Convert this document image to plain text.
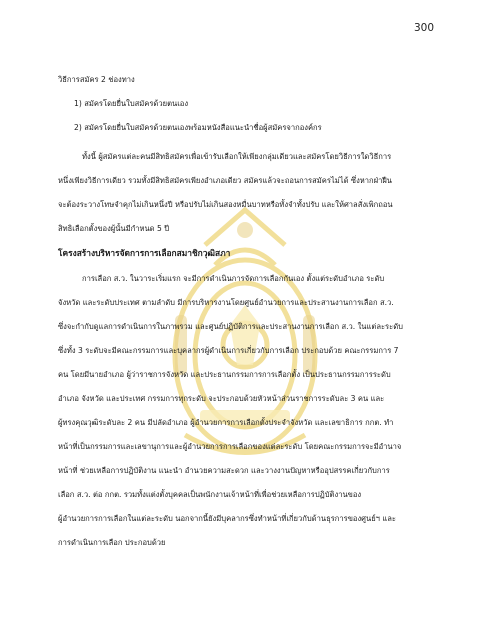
300
วิธีการสมัคร 2 ช่องทาง
1) สมัครโดยยื่นใบสมัครด้วยตนเอง
2) สมัครโดยยื่นใบสมัครด้วยตนเองพร้อมหนังสือแนะนำชื่อผู้สมัครจากองค์กร
ทั้งนี้ ผู้สมัครแต่ละคนมีสิทธิสมัครเพื่อเข้ารับเลือกให้เพียงกลุ่มเดียวและสมัครโดยวิธีการใดวิธีการ
หนึ่งเพียงวิธีการเดียว รวมทั้งมีสิทธิสมัครเพียงอำเภอเดียว สมัครแล้วจะถอนการสมัครไม่ได้ ซึ่งหากฝ่าฝืน
จะต้องระวางโทษจำคุกไม่เกินหนึ่งปี หรือปรับไม่เกินสองหมื่นบาทหรือทั้งจำทั้งปรับ และให้ศาลสั่งเพิกถอน
สิทธิเลือกตั้งของผู้นั้นมีกำหนด 5 ปี
โครงสร้างบริหารจัดการการเลือกสมาชิกวุฒิสภา
การเลือก ส.ว. ในวาระเริ่มแรก จะมีการดำเนินการจัดการเลือกกันเอง ตั้งแต่ระดับอำเภอ ระดับ
จังหวัด และระดับประเทศ ตามลำดับ มีการบริหารงานโดยศูนย์อำนวยการและประสานงานการเลือก ส.ว.
ซึ่งจะกำกับดูแลการดำเนินการในภาพรวม และศูนย์ปฏิบัติการและประสานงานการเลือก ส.ว. ในแต่ละระดับ
ซึ่งทั้ง 3 ระดับจะมีคณะกรรมการและบุคลากรผู้ดำเนินการเกี่ยวกับการเลือก ประกอบด้วย คณะกรรมการ 7
คน โดยมีนายอำเภอ ผู้ว่าราชการจังหวัด และประธานกรรมการการเลือกตั้ง เป็นประธานกรรมการระดับ
อำเภอ จังหวัด และประเทศ กรรมการทุกระดับ จะประกอบด้วยหัวหน้าส่วนราชการระดับละ 3 คน และ
ผู้ทรงคุณวุฒิระดับละ 2 คน มีปลัดอำเภอ ผู้อำนวยการการเลือกตั้งประจำจังหวัด และเลขาธิการ กกต. ทำ
หน้าที่เป็นกรรมการและเลขานุการและผู้อำนวยการการเลือกของแต่ละระดับ โดยคณะกรรมการจะมีอำนาจ
หน้าที่ ช่วยเหลือการปฏิบัติงาน แนะนำ อำนวยความสะดวก และวางงานปัญหาหรืออุปสรรคเกี่ยวกับการ
เลือก ส.ว. ต่อ กกต. รวมทั้งแต่งตั้งบุคคลเป็นพนักงานเจ้าหน้าที่เพื่อช่วยเหลือการปฏิบัติงานของ
ผู้อำนวยการการเลือกในแต่ละระดับ นอกจากนี้ยังมีบุคลากรซึ่งทำหน้าที่เกี่ยวกับด้านธุรการของศูนย์ฯ และ
การดำเนินการเลือก ประกอบด้วย
